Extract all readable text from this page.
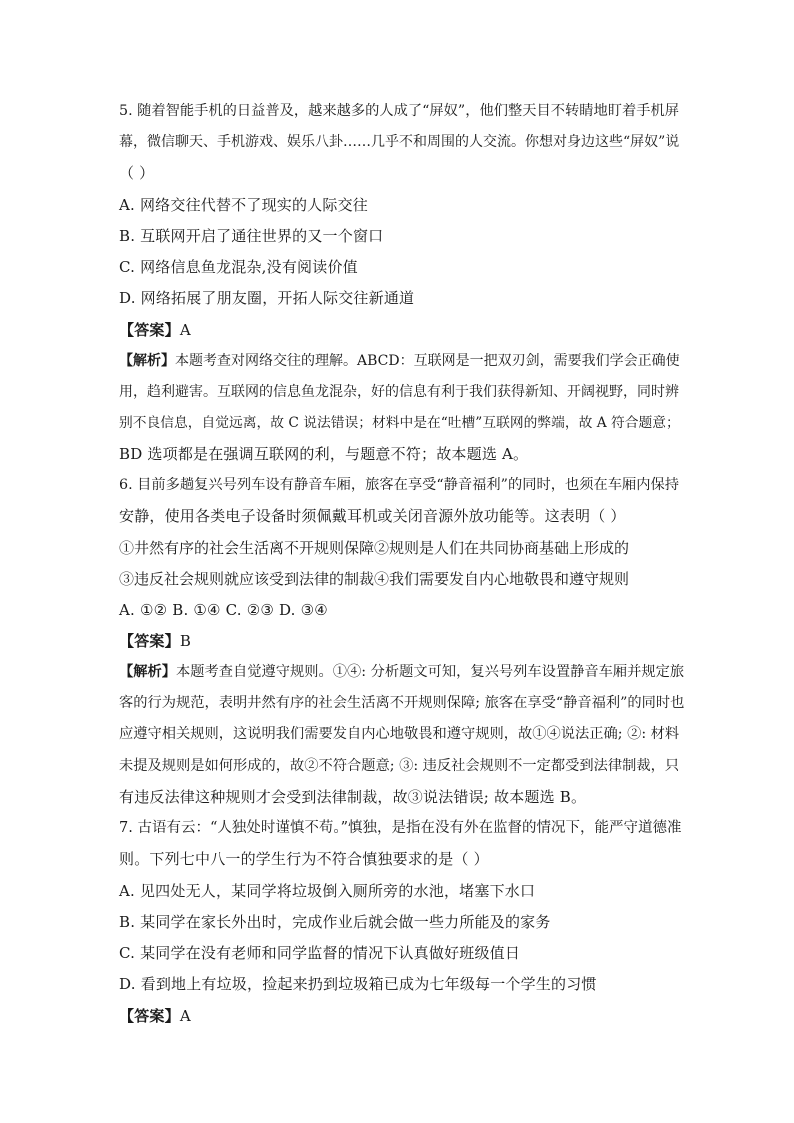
5. 随着智能手机的日益普及，越来越多的人成了“屏奴”，他们整天目不转睛地盯着手机屏
幕，微信聊天、手机游戏、娱乐八卦……几乎不和周围的人交流。你想对身边这些“屏奴”说
（ ）
A. 网络交往代替不了现实的人际交往
B. 互联网开启了通往世界的又一个窗口
C. 网络信息鱼龙混杂,没有阅读价值
D. 网络拓展了朋友圈，开拓人际交往新通道
【答案】A
【解析】本题考查对网络交往的理解。ABCD：互联网是一把双刃剑，需要我们学会正确使
用，趋利避害。互联网的信息鱼龙混杂，好的信息有利于我们获得新知、开阔视野，同时辨
别不良信息，自觉远离，故 C 说法错误；材料中是在“吐槽”互联网的弊端，故 A 符合题意；
BD 选项都是在强调互联网的利，与题意不符；故本题选 A。
6. 目前多趟复兴号列车设有静音车厢，旅客在享受“静音福利”的同时，也须在车厢内保持
安静，使用各类电子设备时须佩戴耳机或关闭音源外放功能等。这表明（ ）
①井然有序的社会生活离不开规则保障②规则是人们在共同协商基础上形成的
③违反社会规则就应该受到法律的制裁④我们需要发自内心地敬畏和遵守规则
A. ①② B. ①④ C. ②③ D. ③④
【答案】B
【解析】本题考查自觉遵守规则。①④: 分析题文可知，复兴号列车设置静音车厢并规定旅
客的行为规范，表明井然有序的社会生活离不开规则保障; 旅客在享受“静音福利”的同时也
应遵守相关规则，这说明我们需要发自内心地敬畏和遵守规则，故①④说法正确; ②: 材料
未提及规则是如何形成的，故②不符合题意; ③: 违反社会规则不一定都受到法律制裁，只
有违反法律这种规则才会受到法律制裁，故③说法错误; 故本题选 B。
7. 古语有云：“人独处时谨慎不苟。”慎独，是指在没有外在监督的情况下，能严守道德准
则。下列七中八一的学生行为不符合慎独要求的是（ ）
A. 见四处无人，某同学将垃圾倒入厕所旁的水池，堵塞下水口
B. 某同学在家长外出时，完成作业后就会做一些力所能及的家务
C. 某同学在没有老师和同学监督的情况下认真做好班级值日
D. 看到地上有垃圾，捡起来扔到垃圾箱已成为七年级每一个学生的习惯
【答案】A
